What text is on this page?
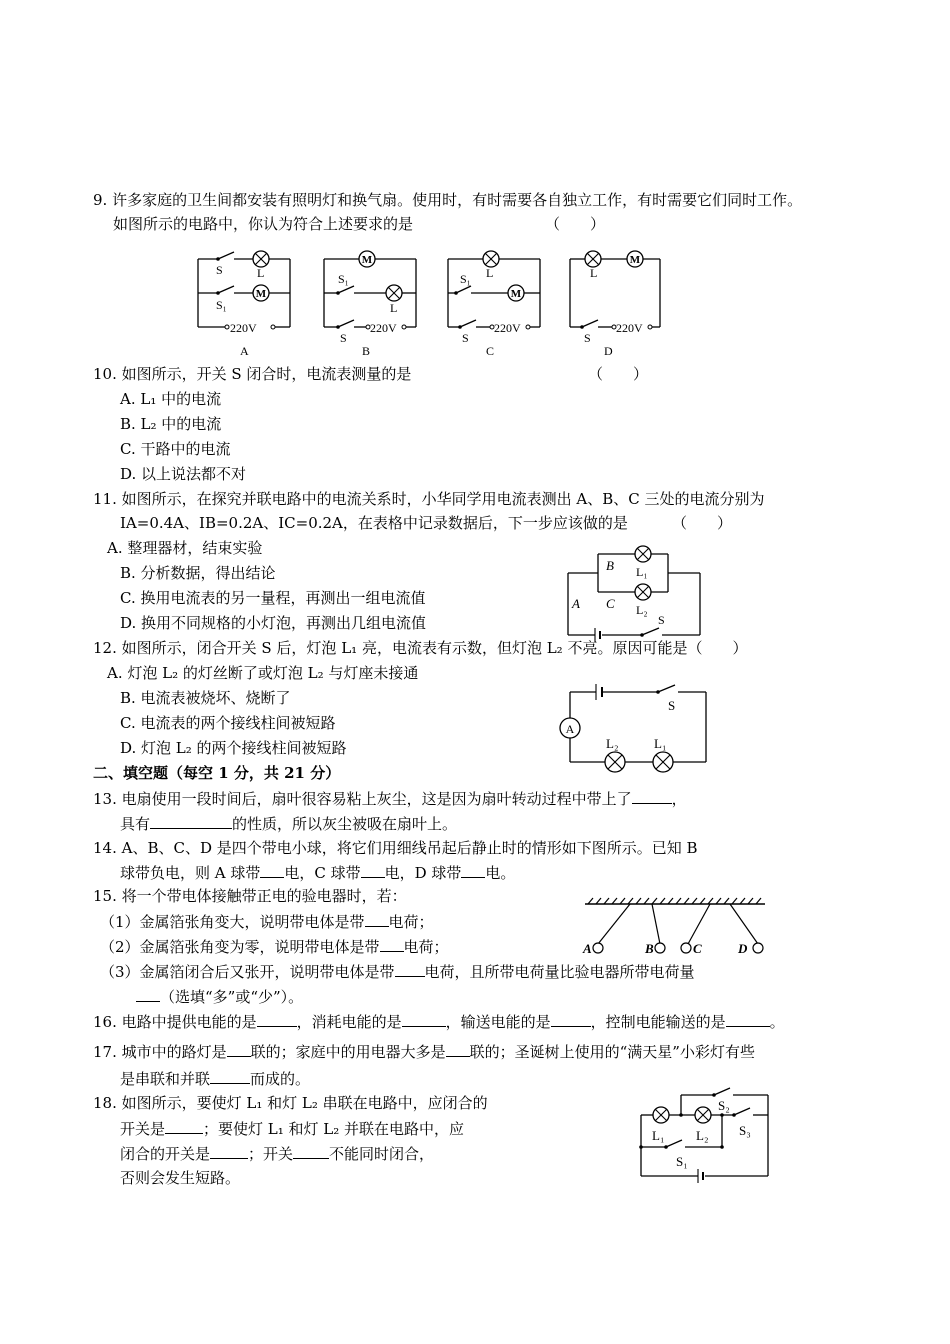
9. 许多家庭的卫生间都安装有照明灯和换气扇。使用时，有时需要各自独立工作，有时需要它们同时工作。
如图所示的电路中，你认为符合上述要求的是	（　　）
M
S	L
S₁
220V
A
M
S₁
L
S
220V
B
M
S₁ L
S
220V
C
M
L
S
220V
D
10. 如图所示，开关 S 闭合时，电流表测量的是	（　　）
A. L₁ 中的电流
B. L₂ 中的电流
C. 干路中的电流
D. 以上说法都不对
11. 如图所示，在探究并联电路中的电流关系时，小华同学用电流表测出 A、B、C 三处的电流分别为
IA=0.4A、IB=0.2A、IC=0.2A，在表格中记录数据后，下一步应该做的是	（　　）
A. 整理器材，结束实验
B. 分析数据，得出结论
C. 换用电流表的另一量程，再测出一组电流值
D. 换用不同规格的小灯泡，再测出几组电流值
A
B
C
L₁
L₂
S
12. 如图所示，闭合开关 S 后，灯泡 L₁ 亮，电流表有示数，但灯泡 L₂ 不亮。原因可能是（　　）
A. 灯泡 L₂ 的灯丝断了或灯泡 L₂ 与灯座未接通
B. 电流表被烧坏、烧断了
C. 电流表的两个接线柱间被短路
D. 灯泡 L₂ 的两个接线柱间被短路
A
S
L₂	L₁
二、填空题（每空 1 分，共 21 分）
13. 电扇使用一段时间后，扇叶很容易粘上灰尘，这是因为扇叶转动过程中带上了	，
具有	的性质，所以灰尘被吸在扇叶上。
14. A、B、C、D 是四个带电小球，将它们用细线吊起后静止时的情形如下图所示。已知 B
球带负电，则 A 球带 电，C 球带 电，D 球带 电。
A	B	C	D
15. 将一个带电体接触带正电的验电器时，若：
（1）金属箔张角变大，说明带电体是带 电荷；
（2）金属箔张角变为零，说明带电体是带 电荷；
（3）金属箔闭合后又张开，说明带电体是带 电荷，且所带电荷量比验电器所带电荷量
（选填“多”或“少”）。
16. 电路中提供电能的是	，消耗电能的是	，输送电能的是	，控制电能输送的是	。
17. 城市中的路灯是 联的；家庭中的用电器大多是 联的；圣诞树上使用的“满天星”小彩灯有些
是串联和并联	而成的。
18. 如图所示，要使灯 L₁ 和灯 L₂ 串联在电路中，应闭合的
开关是	；要使灯 L₁ 和灯 L₂ 并联在电路中，应
闭合的开关是	；开关 不能同时闭合，
否则会发生短路。
L₁ L₂
S₁
S₂
S₃
